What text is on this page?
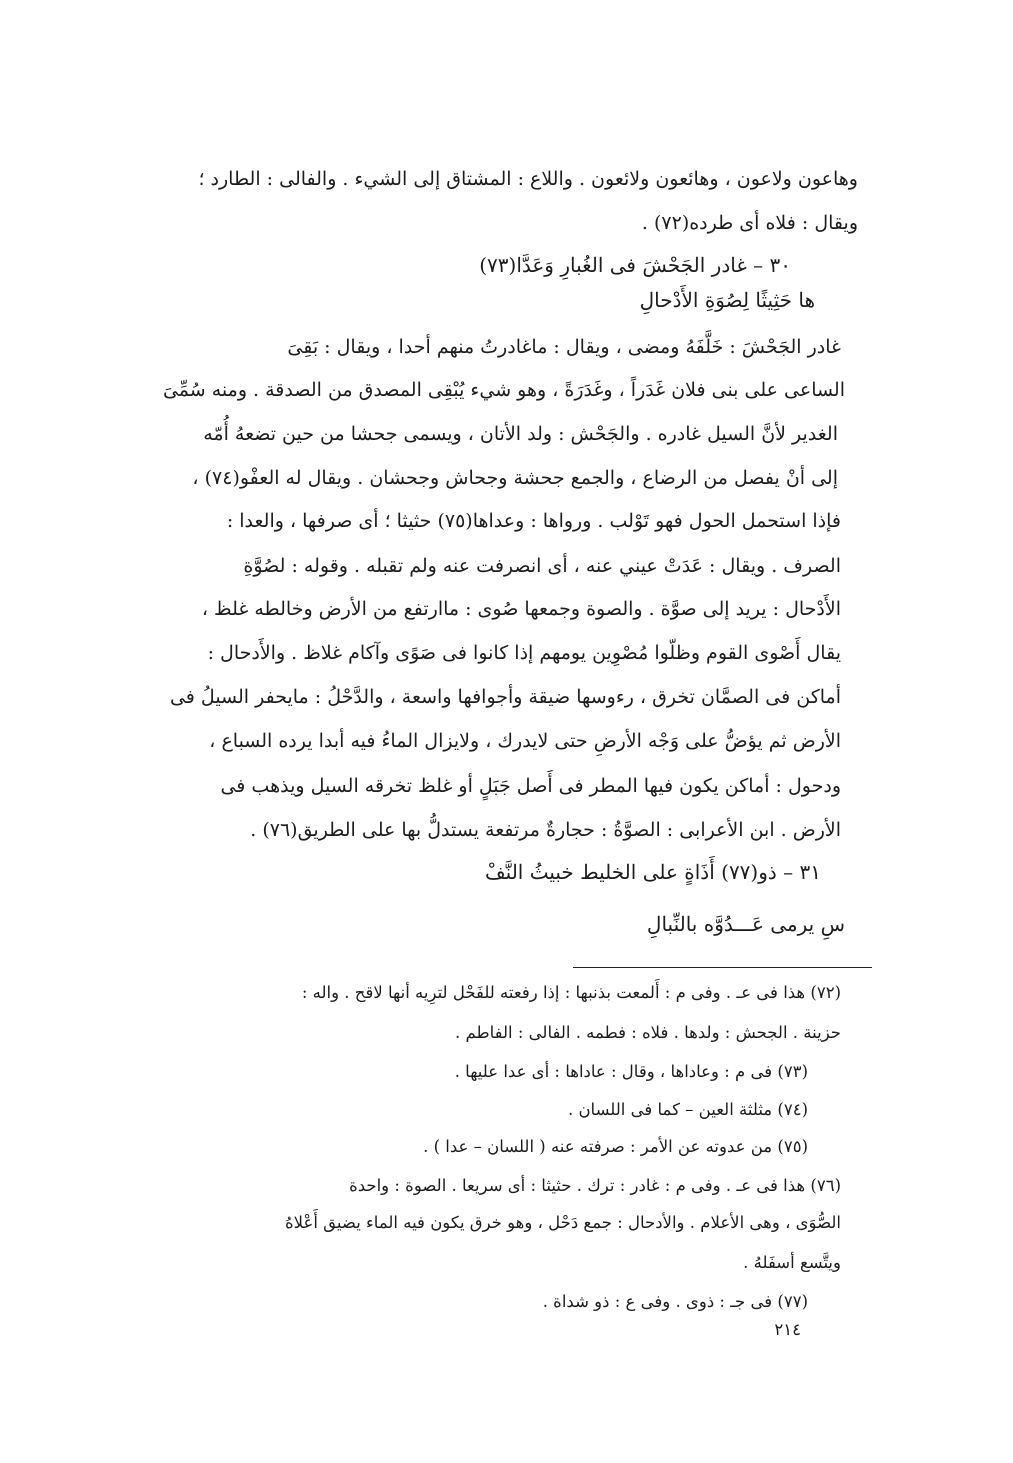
وهاعون ولاعون ، وهائعون ولائعون . واللاع : المشتاق إلى الشيء . والفالى : الطارد ؛
ويقال : فلاه أى طرده(٧٢) .
٣٠ – غادر الجَحْشَ فى الغُبارِ وَعَدَّا(٧٣)
ها حَثِيثًا لِصُوَةِ الأَدْحالِ
غادر الجَحْشَ : خَلَّفَهُ ومضى ، ويقال : ماغادرتُ منهم أحدا ، ويقال : بَقِىَ
الساعى على بنى فلان غَدَراً ، وغَدَرَةً ، وهو شيء يُبْقِى المصدق من الصدقة . ومنه سُمِّىَ
الغدير لأنَّ السيل غادره . والجَحْش : ولد الأتان ، ويسمى جحشا من حين تضعهُ أُمّه
إلى أنْ يفصل من الرضاع ، والجمع جحشة وجحاش وجحشان . ويقال له العفْو(٧٤) ،
فإذا استحمل الحول فهو تَوْلب . ورواها : وعداها(٧٥) حثيثا ؛ أى صرفها ، والعدا :
الصرف . ويقال : عَدَتْ عيني عنه ، أى انصرفت عنه ولم تقبله . وقوله : لصُوَّةِ
الأَدْحال : يريد إلى صوَّة . والصوة وجمعها صُوى : ماارتفع من الأرض وخالطه غلظ ،
يقال أَصْوى القوم وظلّوا مُصْوِين يومهم إذا كانوا فى صَوًى وآكام غلاظ . والأَدحال :
أماكن فى الصمَّان تخرق ، رءوسها ضيقة وأجوافها واسعة ، والدَّحْلُ : مايحفر السيلُ فى
الأرض ثم يؤضُّ على وَجْه الأرضِ حتى لايدرك ، ولايزال الماءُ فيه أبدا يرده السباع ،
ودحول : أماكن يكون فيها المطر فى أَصل جَبَلٍ أو غلظ تخرقه السيل ويذهب فى
الأرض . ابن الأعرابى : الصوَّةُ : حجارةٌ مرتفعة يستدلُّ بها على الطريق(٧٦) .
٣١ – ذو(٧٧) أَذَاةٍ على الخليط خبيثُ النَّفْ
سِ يرمى عَـــدُوَّه بالنِّبالِ
(٧٢) هذا فى عـ . وفى م : أَلمعت بذنبها : إذا رفعته للفَحْل لترِيه أنها لاقح . واله :
حزينة . الجحش : ولدها . فلاه : فطمه . الفالى : الفاطم .
(٧٣) فى م : وعاداها ، وقال : عاداها : أى عدا عليها .
(٧٤) مثلثة العين – كما فى اللسان .
(٧٥) من عدوته عن الأمر : صرفته عنه ( اللسان – عدا ) .
(٧٦) هذا فى عـ . وفى م : غادر : ترك . حثيثا : أى سريعا . الصوة : واحدة
الصُّوَى ، وهى الأعلام . والأدحال : جمع دَحْل ، وهو خرق يكون فيه الماء يضيق أَعْلاهُ
ويتَّسع أسفَلهُ .
(٧٧) فى جـ : ذوى . وفى ع : ذو شداة .
٢١٤
